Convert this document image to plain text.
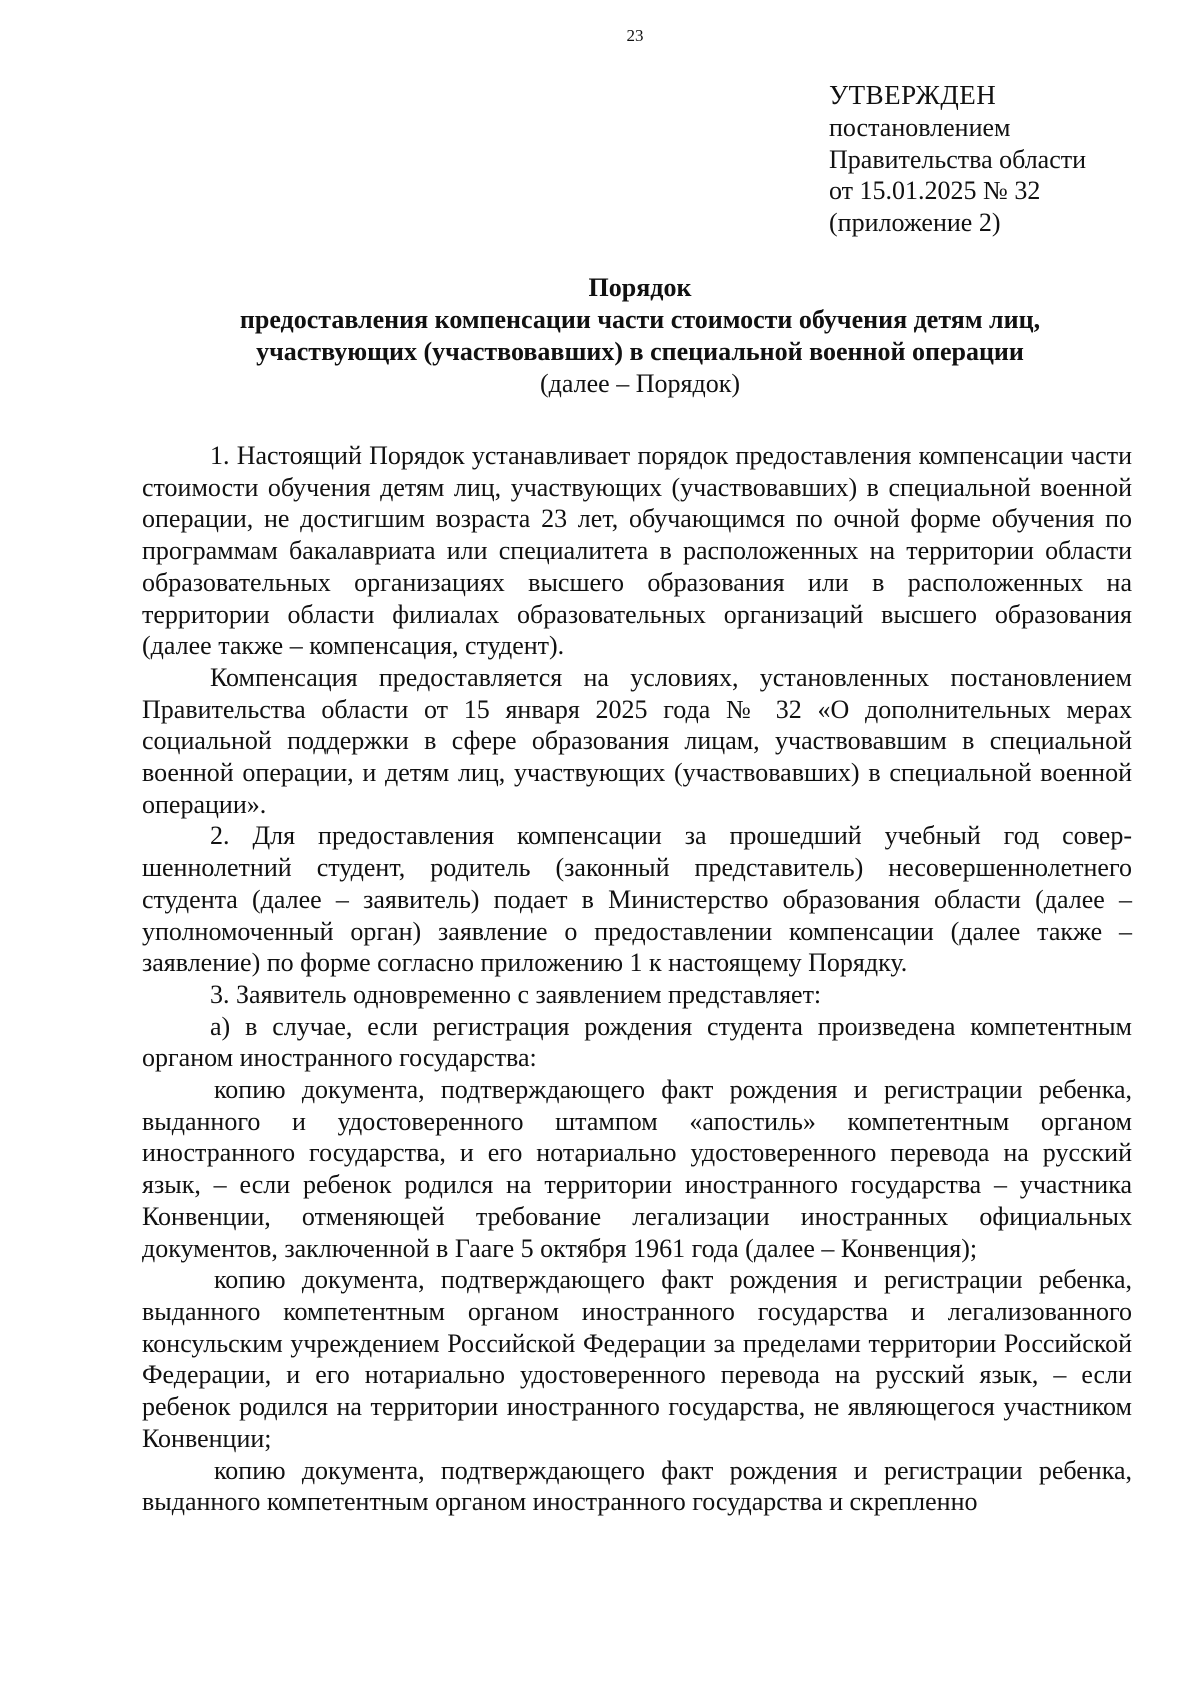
23
УТВЕРЖДЕН
постановлением
Правительства области
от 15.01.2025 № 32
(приложение 2)
Порядок
предоставления компенсации части стоимости обучения детям лиц,
участвующих (участвовавших) в специальной военной операции
(далее – Порядок)

1. Настоящий Порядок устанавливает порядок предоставления компенсации части стоимости обучения детям лиц, участвующих (участвовавших) в специальной военной операции, не достигшим возраста 23 лет, обучающимся по очной форме обучения по программам бакалавриата или специалитета в расположенных на территории области образовательных организациях высшего образования или в расположенных на территории области филиалах образовательных организаций высшего образования (далее также – компенсация, студент).

Компенсация предоставляется на условиях, установленных постановлением Правительства области от 15 января 2025 года № 32 «О дополнительных мерах социальной поддержки в сфере образования лицам, участвовавшим в специальной военной операции, и детям лиц, участвующих (участвовавших) в специальной военной операции».

2. Для предоставления компенсации за прошедший учебный год совершеннолетний студент, родитель (законный представитель) несовершеннолетнего студента (далее – заявитель) подает в Министерство образования области (далее – уполномоченный орган) заявление о предоставлении компенсации (далее также – заявление) по форме согласно приложению 1 к настоящему Порядку.

3. Заявитель одновременно с заявлением представляет:

а) в случае, если регистрация рождения студента произведена компетентным органом иностранного государства:

копию документа, подтверждающего факт рождения и регистрации ребенка, выданного и удостоверенного штампом «апостиль» компетентным органом иностранного государства, и его нотариально удостоверенного перевода на русский язык, – если ребенок родился на территории иностранного государства – участника Конвенции, отменяющей требование легализации иностранных официальных документов, заключенной в Гааге 5 октября 1961 года (далее – Конвенция);

копию документа, подтверждающего факт рождения и регистрации ребенка, выданного компетентным органом иностранного государства и легализованного консульским учреждением Российской Федерации за пределами территории Российской Федерации, и его нотариально удостоверенного перевода на русский язык, – если ребенок родился на территории иностранного государства, не являющегося участником Конвенции;

копию документа, подтверждающего факт рождения и регистрации ребенка, выданного компетентным органом иностранного государства и скрепленно
